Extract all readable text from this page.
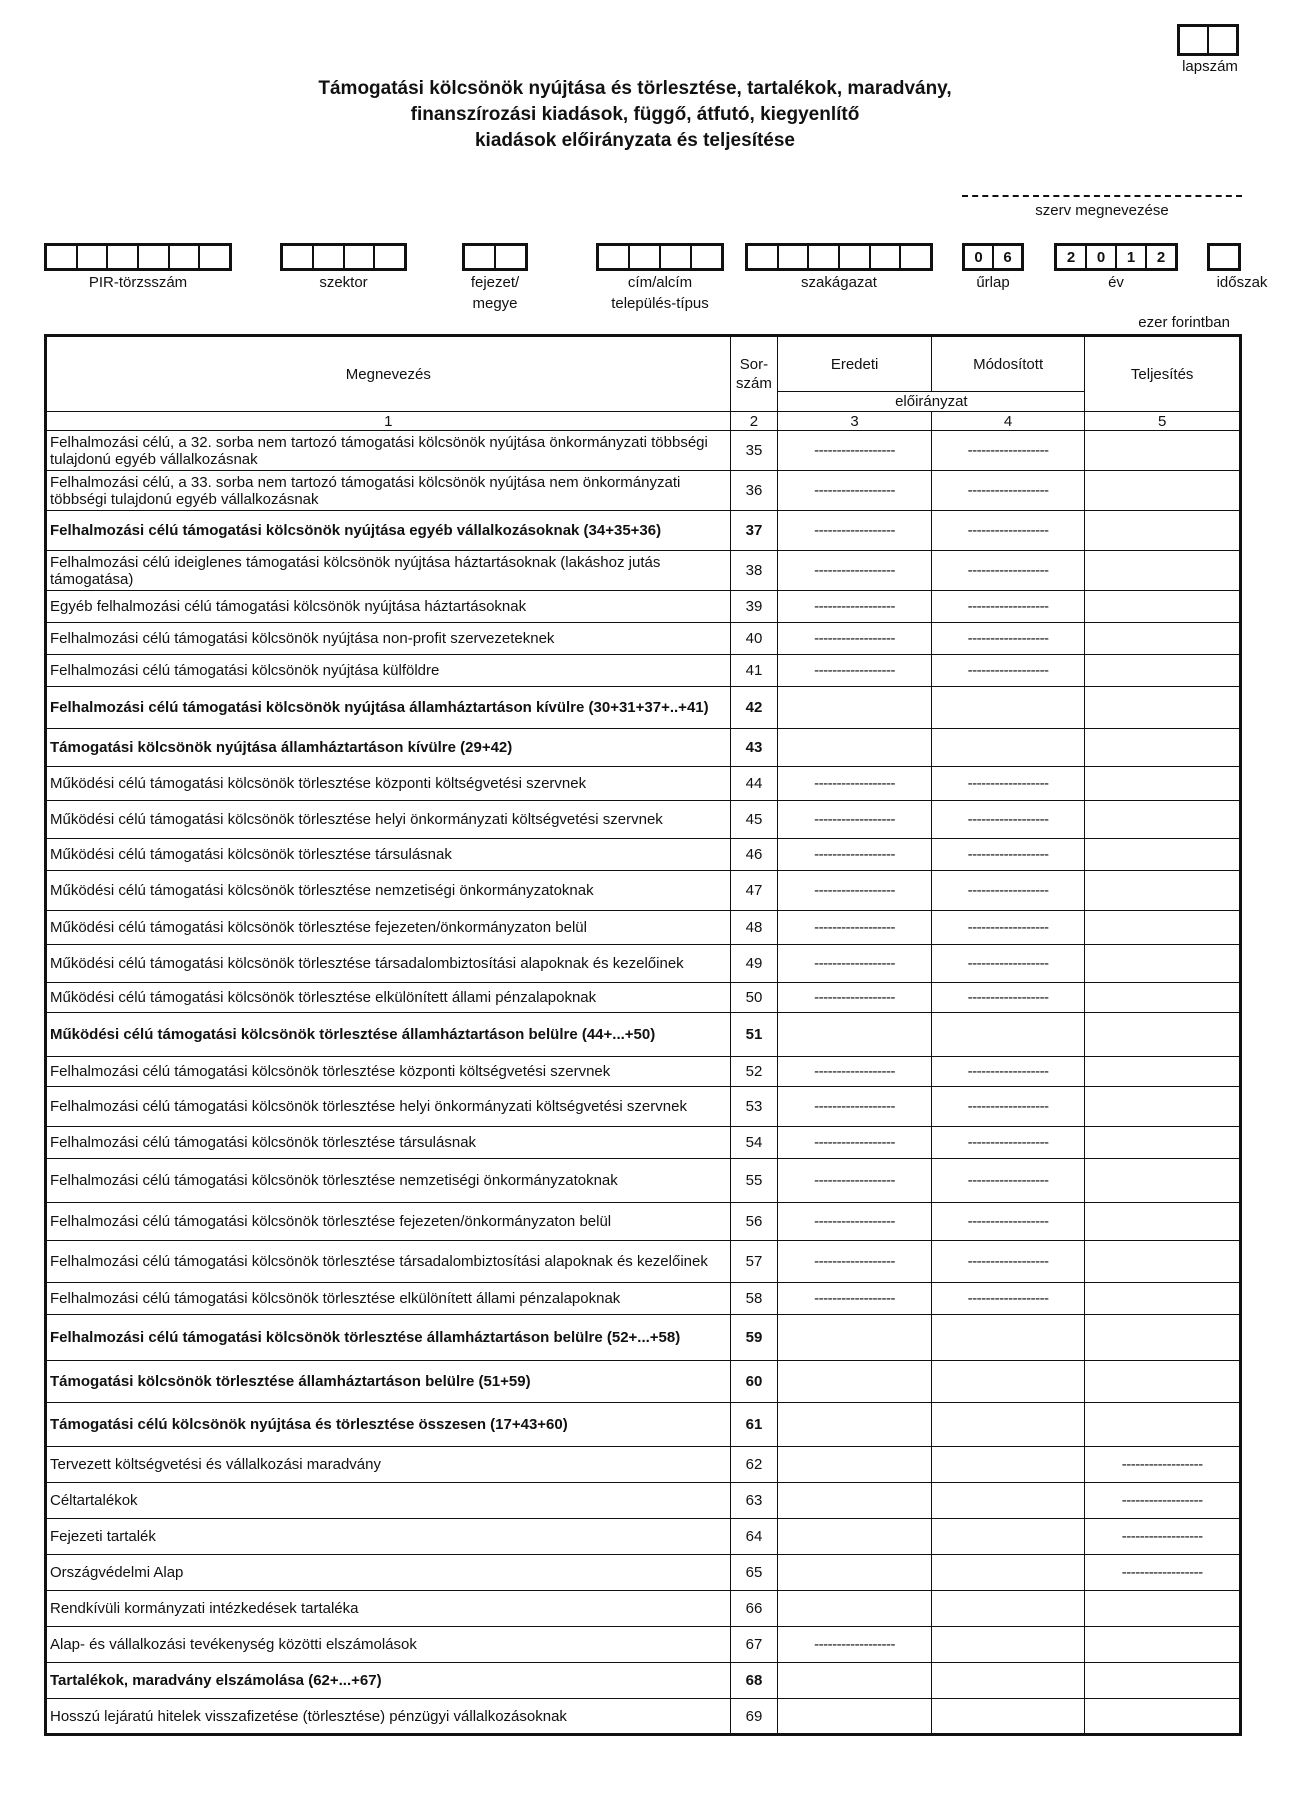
lapszám
Támogatási kölcsönök nyújtása és törlesztése, tartalékok, maradvány,
finanszírozási kiadások, függő, átfutó, kiegyenlítő
kiadások előirányzata és teljesítése
szerv megnevezése
PIR-törzsszám	szektor	fejezet/
megye
cím/alcím
település-típus
szakágazat
0	6
űrlap
2	0	1	2
év	időszak
ezer forintban
Megnevezés	Sor-
szám	Eredeti	Módosított	Teljesítés
		előirányzat		
1	2	3	4	5
Felhalmozási célú, a 32. sorba nem tartozó támogatási kölcsönök nyújtása önkormányzati többségi tulajdonú egyéb vállalkozásnak	35	------------------	------------------	
Felhalmozási célú, a 33. sorba nem tartozó támogatási kölcsönök nyújtása nem önkormányzati többségi tulajdonú egyéb vállalkozásnak	36	------------------	------------------	
Felhalmozási célú támogatási kölcsönök nyújtása egyéb vállalkozásoknak (34+35+36)	37	------------------	------------------	
Felhalmozási célú ideiglenes támogatási kölcsönök nyújtása háztartásoknak (lakáshoz jutás támogatása)	38	------------------	------------------	
Egyéb felhalmozási célú támogatási kölcsönök nyújtása háztartásoknak	39	------------------	------------------	
Felhalmozási célú támogatási kölcsönök nyújtása non-profit szervezeteknek	40	------------------	------------------	
Felhalmozási célú támogatási kölcsönök nyújtása külföldre	41	------------------	------------------	
Felhalmozási célú támogatási kölcsönök nyújtása államháztartáson kívülre (30+31+37+..+41)	42			
Támogatási kölcsönök nyújtása államháztartáson kívülre (29+42)	43			
Működési célú támogatási kölcsönök törlesztése központi költségvetési szervnek	44	------------------	------------------	
Működési célú támogatási kölcsönök törlesztése helyi önkormányzati költségvetési szervnek	45	------------------	------------------	
Működési célú támogatási kölcsönök törlesztése társulásnak	46	------------------	------------------	
Működési célú támogatási kölcsönök törlesztése nemzetiségi önkormányzatoknak	47	------------------	------------------	
Működési célú támogatási kölcsönök törlesztése fejezeten/önkormányzaton belül	48	------------------	------------------	
Működési célú támogatási kölcsönök törlesztése társadalombiztosítási alapoknak és kezelőinek	49	------------------	------------------	
Működési célú támogatási kölcsönök törlesztése elkülönített állami pénzalapoknak	50	------------------	------------------	
Működési célú támogatási kölcsönök törlesztése államháztartáson belülre (44+...+50)	51			
Felhalmozási célú támogatási kölcsönök törlesztése központi költségvetési szervnek	52	------------------	------------------	
Felhalmozási célú támogatási kölcsönök törlesztése helyi önkormányzati költségvetési szervnek	53	------------------	------------------	
Felhalmozási célú támogatási kölcsönök törlesztése társulásnak	54	------------------	------------------	
Felhalmozási célú támogatási kölcsönök törlesztése nemzetiségi önkormányzatoknak	55	------------------	------------------	
Felhalmozási célú támogatási kölcsönök törlesztése fejezeten/önkormányzaton belül	56	------------------	------------------	
Felhalmozási célú támogatási kölcsönök törlesztése társadalombiztosítási alapoknak és kezelőinek	57	------------------	------------------	
Felhalmozási célú támogatási kölcsönök törlesztése elkülönített állami pénzalapoknak	58	------------------	------------------	
Felhalmozási célú támogatási kölcsönök törlesztése államháztartáson belülre (52+...+58)	59			
Támogatási kölcsönök törlesztése államháztartáson belülre (51+59)	60			
Támogatási célú kölcsönök nyújtása és törlesztése összesen (17+43+60)	61			
Tervezett költségvetési és vállalkozási maradvány	62			------------------
Céltartalékok	63			------------------
Fejezeti tartalék	64			------------------
Országvédelmi Alap	65			------------------
Rendkívüli kormányzati intézkedések tartaléka	66			
Alap- és vállalkozási tevékenység közötti elszámolások	67	------------------		
Tartalékok, maradvány elszámolása (62+...+67)	68			
Hosszú lejáratú hitelek visszafizetése (törlesztése) pénzügyi vállalkozásoknak	69			
